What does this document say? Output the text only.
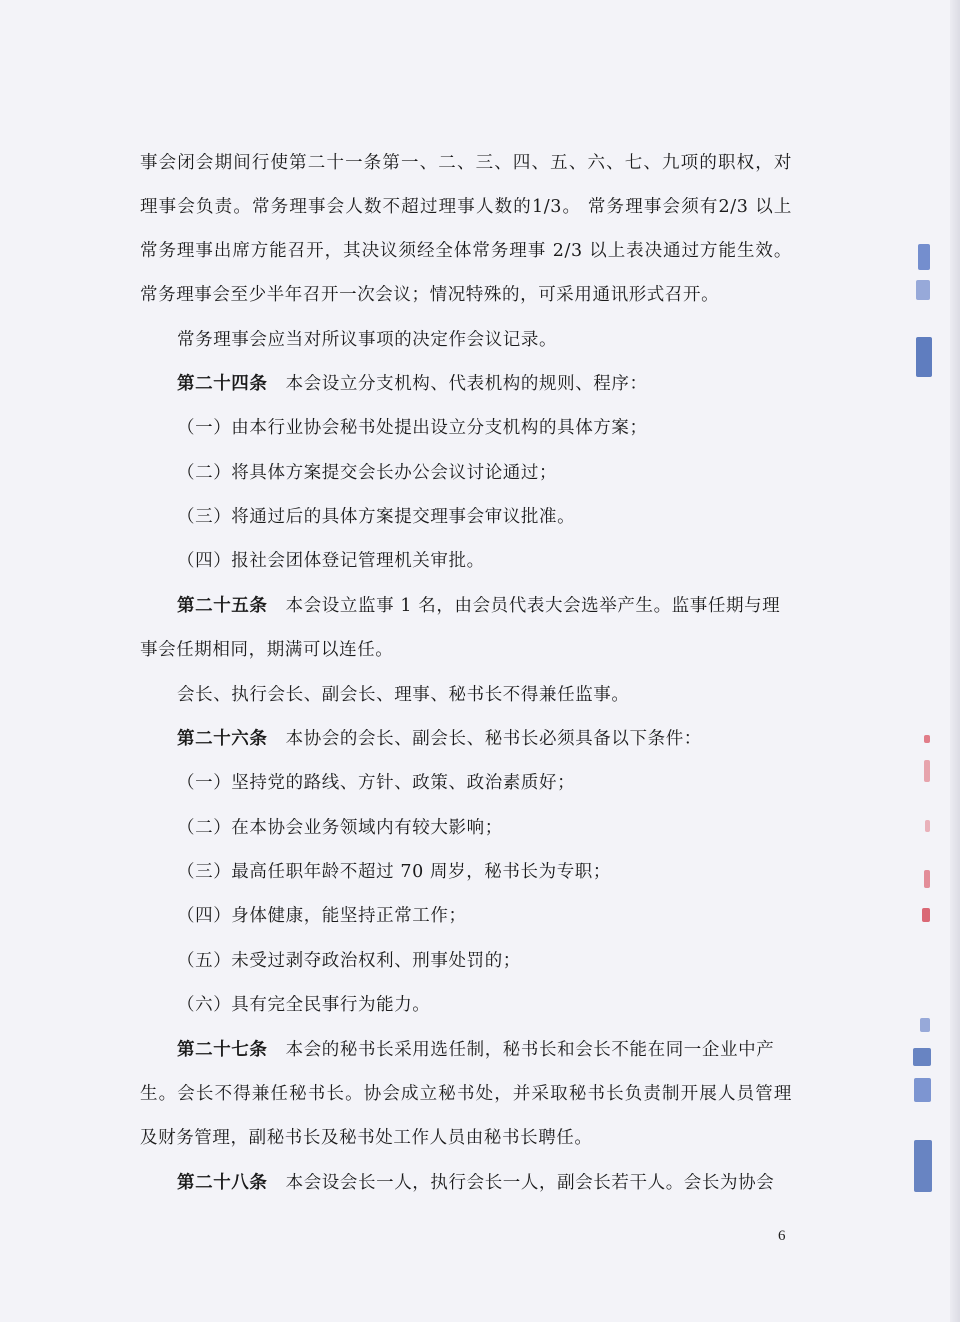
事会闭会期间行使第二十一条第一、二、三、四、五、六、七、九项的职权，对
理事会负责。常务理事会人数不超过理事人数的1/3。 常务理事会须有2/3 以上
常务理事出席方能召开，其决议须经全体常务理事 2/3 以上表决通过方能生效。
常务理事会至少半年召开一次会议；情况特殊的，可采用通讯形式召开。
常务理事会应当对所议事项的决定作会议记录。
第二十四条　 本会设立分支机构、代表机构的规则、程序：
（一）由本行业协会秘书处提出设立分支机构的具体方案；
（二）将具体方案提交会长办公会议讨论通过；
（三）将通过后的具体方案提交理事会审议批准。
（四）报社会团体登记管理机关审批。
第二十五条　 本会设立监事 1 名，由会员代表大会选举产生。监事任期与理
事会任期相同，期满可以连任。
会长、执行会长、副会长、理事、秘书长不得兼任监事。
第二十六条　 本协会的会长、副会长、秘书长必须具备以下条件：
（一）坚持党的路线、方针、政策、政治素质好；
（二）在本协会业务领域内有较大影响；
（三）最高任职年龄不超过 70 周岁，秘书长为专职；
（四）身体健康，能坚持正常工作；
（五）未受过剥夺政治权利、刑事处罚的；
（六）具有完全民事行为能力。
第二十七条　 本会的秘书长采用选任制，秘书长和会长不能在同一企业中产
生。会长不得兼任秘书长。协会成立秘书处，并采取秘书长负责制开展人员管理
及财务管理，副秘书长及秘书处工作人员由秘书长聘任。
第二十八条　 本会设会长一人，执行会长一人，副会长若干人。会长为协会
6
